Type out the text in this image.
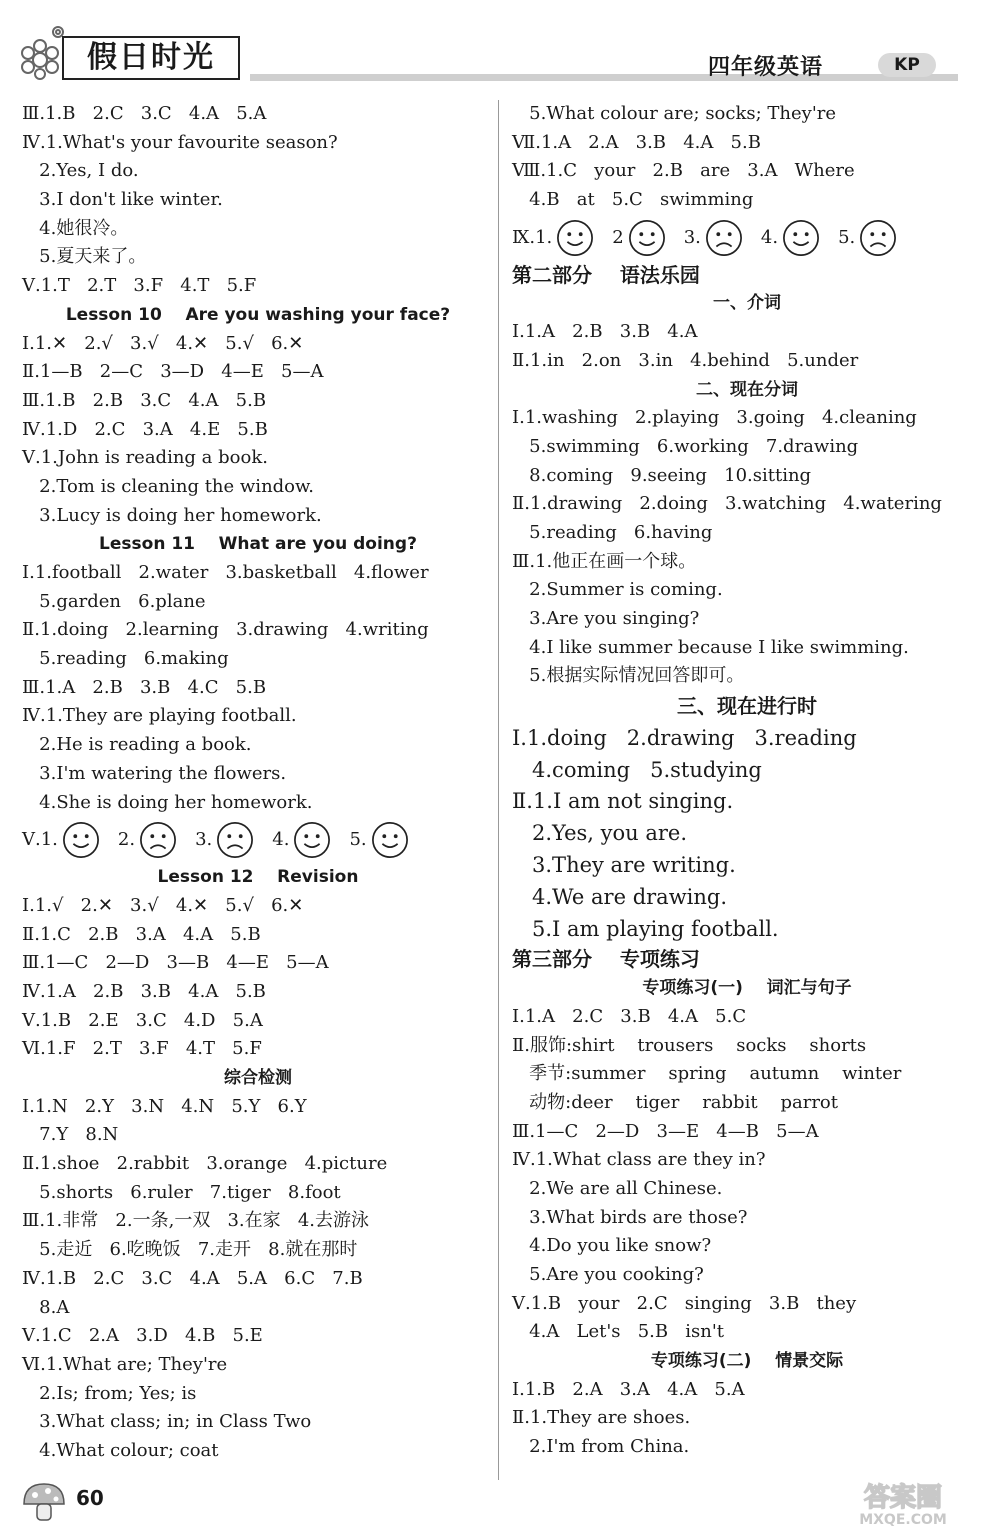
假日时光	四年级英语	KP
Ⅲ.1.B   2.C   3.C   4.A   5.A
Ⅳ.1.What's your favourite season?
2.Yes, I do.
3.I don't like winter.
4.她很冷。
5.夏天来了。
Ⅴ.1.T   2.T   3.F   4.T   5.F
Lesson 10    Are you washing your face?
Ⅰ.1.✕   2.√   3.√   4.✕   5.√   6.✕
Ⅱ.1—B   2—C   3—D   4—E   5—A
Ⅲ.1.B   2.B   3.C   4.A   5.B
Ⅳ.1.D   2.C   3.A   4.E   5.B
Ⅴ.1.John is reading a book.
2.Tom is cleaning the window.
3.Lucy is doing her homework.
Lesson 11    What are you doing?
Ⅰ.1.football   2.water   3.basketball   4.flower
5.garden   6.plane
Ⅱ.1.doing   2.learning   3.drawing   4.writing
5.reading   6.making
Ⅲ.1.A   2.B   3.B   4.C   5.B
Ⅳ.1.They are playing football.
2.He is reading a book.
3.I'm watering the flowers.
4.She is doing her homework.
Ⅴ.1.	2.	3.	4.	5.
Lesson 12    Revision
Ⅰ.1.√   2.✕   3.√   4.✕   5.√   6.✕
Ⅱ.1.C   2.B   3.A   4.A   5.B
Ⅲ.1—C   2—D   3—B   4—E   5—A
Ⅳ.1.A   2.B   3.B   4.A   5.B
Ⅴ.1.B   2.E   3.C   4.D   5.A
Ⅵ.1.F   2.T   3.F   4.T   5.F
综合检测
Ⅰ.1.N   2.Y   3.N   4.N   5.Y   6.Y
7.Y   8.N
Ⅱ.1.shoe   2.rabbit   3.orange   4.picture
5.shorts   6.ruler   7.tiger   8.foot
Ⅲ.1.非常   2.一条,一双   3.在家   4.去游泳
5.走近   6.吃晚饭   7.走开   8.就在那时
Ⅳ.1.B   2.C   3.C   4.A   5.A   6.C   7.B
8.A
Ⅴ.1.C   2.A   3.D   4.B   5.E
Ⅵ.1.What are; They're
2.Is; from; Yes; is
3.What class; in; in Class Two
4.What colour; coat
5.What colour are; socks; They're
Ⅶ.1.A   2.A   3.B   4.A   5.B
Ⅷ.1.C   your   2.B   are   3.A   Where
4.B   at   5.C   swimming
Ⅸ.1.	2	3.	4.	5.
第二部分    语法乐园
一、介词
Ⅰ.1.A   2.B   3.B   4.A
Ⅱ.1.in   2.on   3.in   4.behind   5.under
二、现在分词
Ⅰ.1.washing   2.playing   3.going   4.cleaning
5.swimming   6.working   7.drawing
8.coming   9.seeing   10.sitting
Ⅱ.1.drawing   2.doing   3.watching   4.watering
5.reading   6.having
Ⅲ.1.他正在画一个球。
2.Summer is coming.
3.Are you singing?
4.I like summer because I like swimming.
5.根据实际情况回答即可。
三、现在进行时
Ⅰ.1.doing   2.drawing   3.reading
4.coming   5.studying
Ⅱ.1.I am not singing.
2.Yes, you are.
3.They are writing.
4.We are drawing.
5.I am playing football.
第三部分    专项练习
专项练习(一)    词汇与句子
Ⅰ.1.A   2.C   3.B   4.A   5.C
Ⅱ.服饰:shirt    trousers    socks    shorts
季节:summer    spring    autumn    winter
动物:deer    tiger    rabbit    parrot
Ⅲ.1—C   2—D   3—E   4—B   5—A
Ⅳ.1.What class are they in?
2.We are all Chinese.
3.What birds are those?
4.Do you like snow?
5.Are you cooking?
Ⅴ.1.B   your   2.C   singing   3.B   they
4.A   Let's   5.B   isn't
专项练习(二)    情景交际
Ⅰ.1.B   2.A   3.A   4.A   5.A
Ⅱ.1.They are shoes.
2.I'm from China.
60	答案圈
MXQE.COM
